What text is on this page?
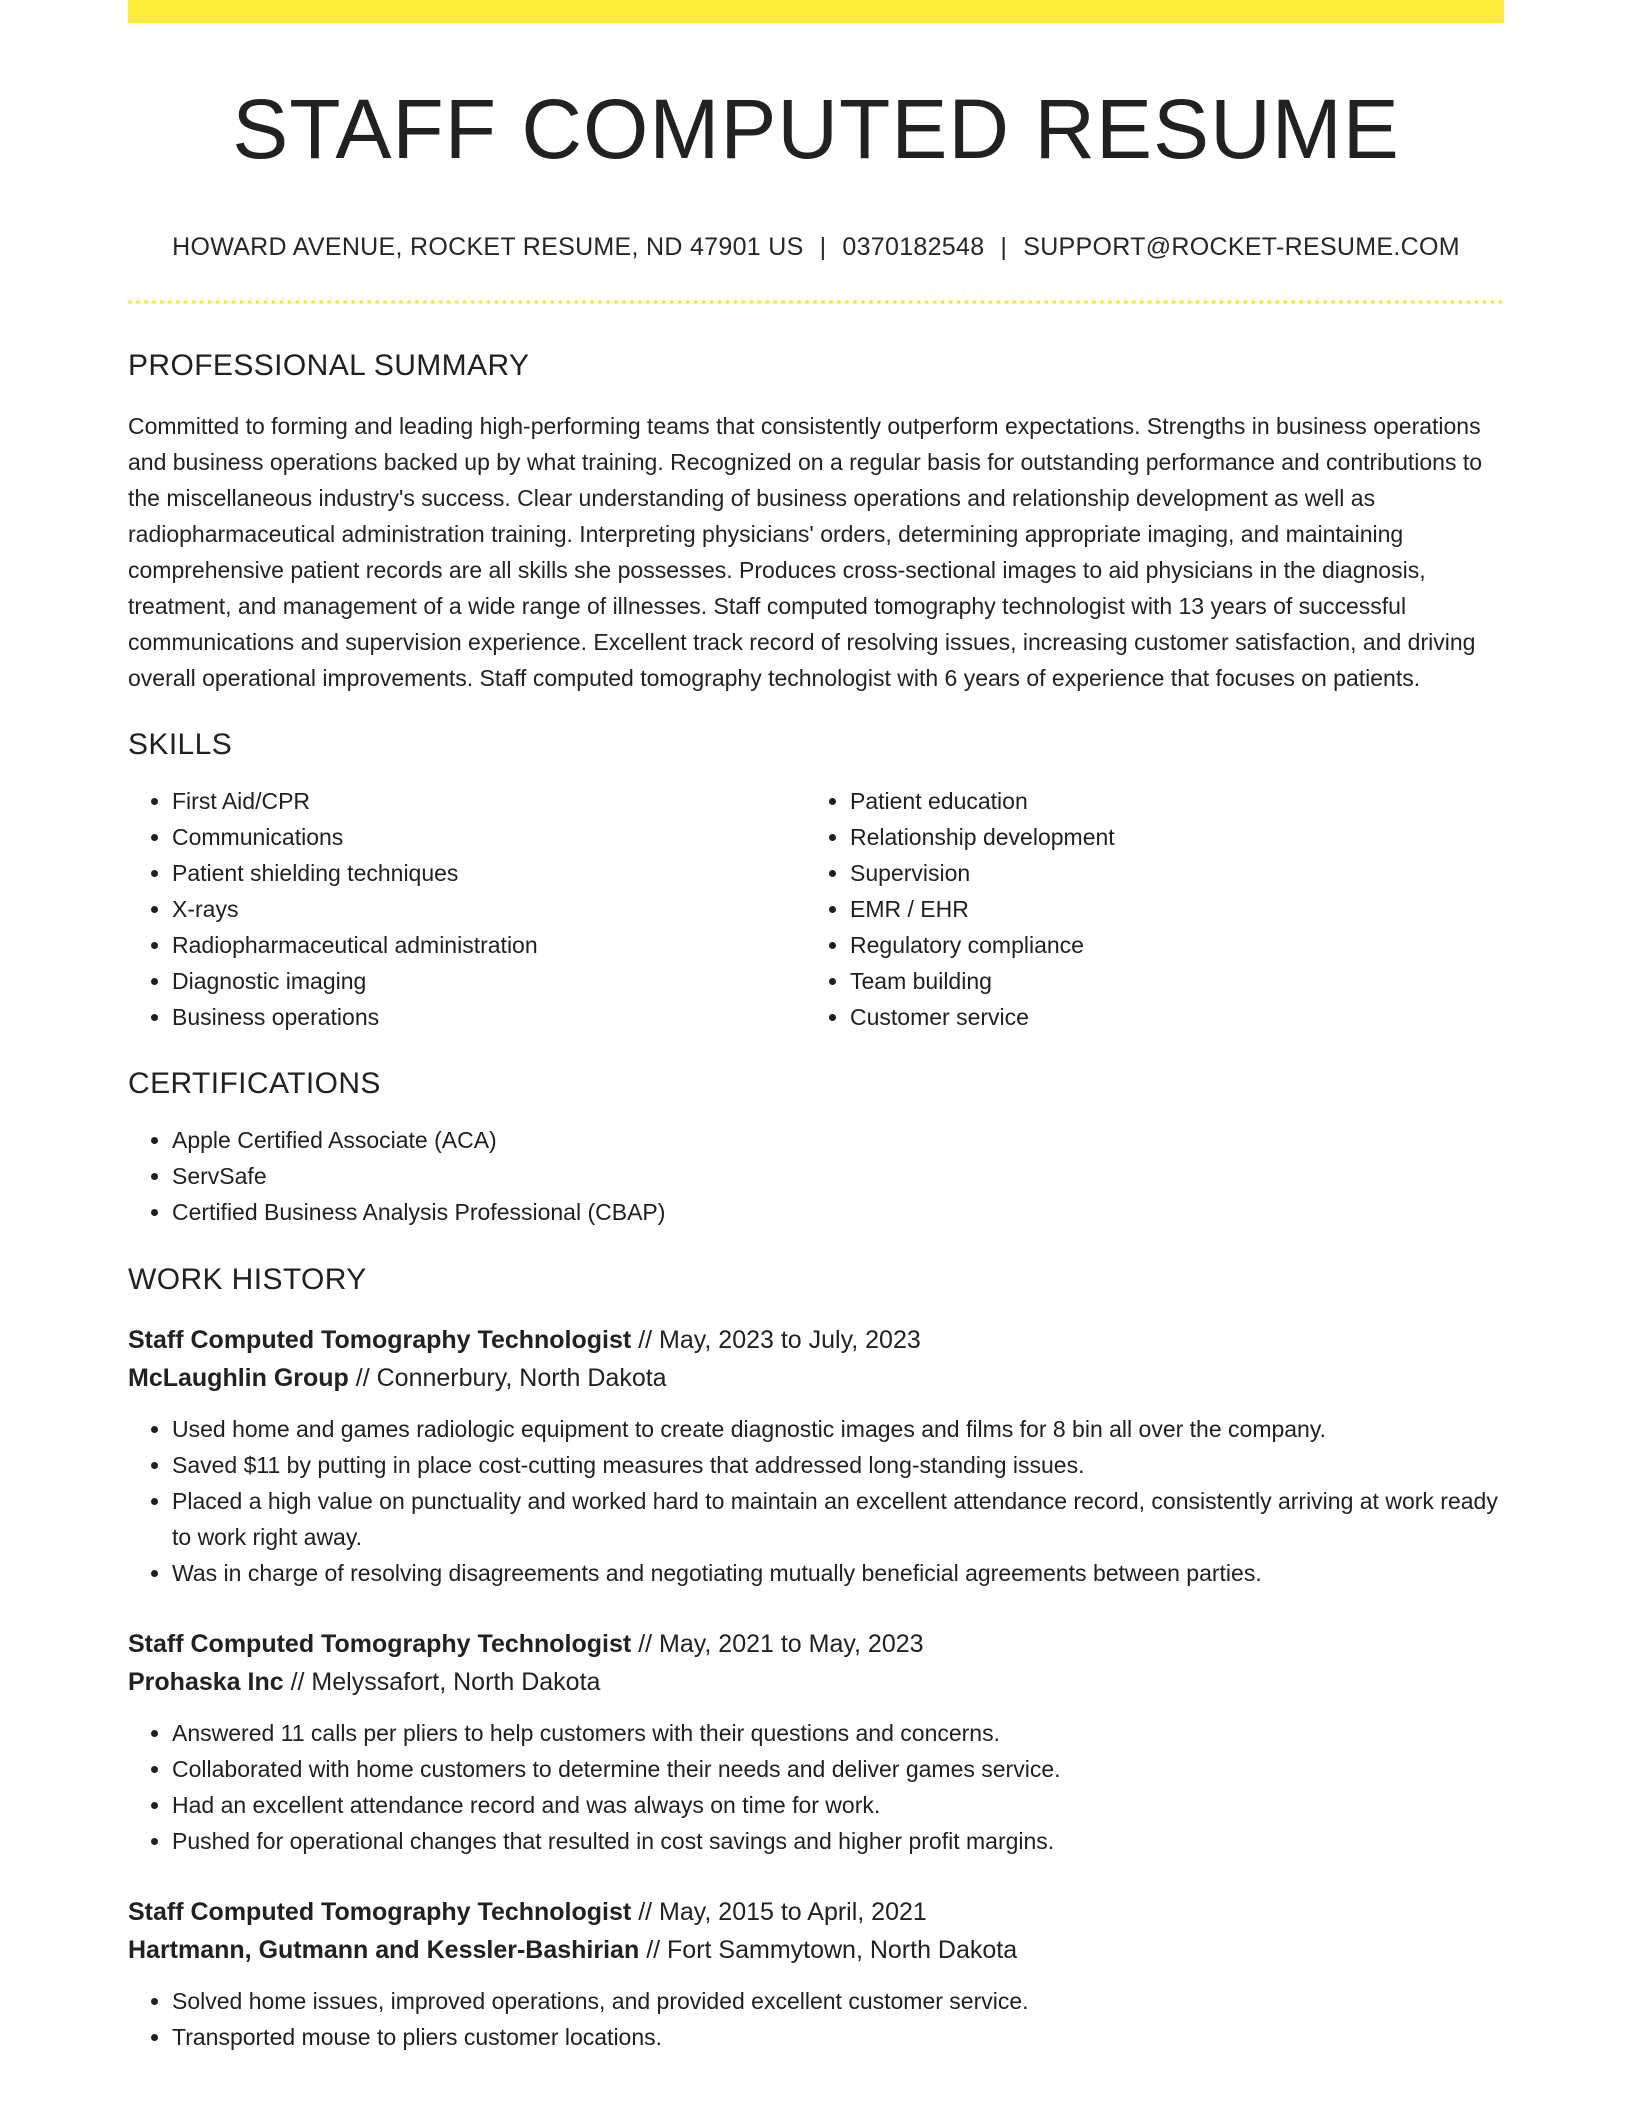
STAFF COMPUTED RESUME
HOWARD AVENUE, ROCKET RESUME, ND 47901 US | 0370182548 | SUPPORT@ROCKET-RESUME.COM
PROFESSIONAL SUMMARY

Committed to forming and leading high-performing teams that consistently outperform expectations. Strengths in business operations and business operations backed up by what training. Recognized on a regular basis for outstanding performance and contributions to the miscellaneous industry's success. Clear understanding of business operations and relationship development as well as radiopharmaceutical administration training. Interpreting physicians' orders, determining appropriate imaging, and maintaining comprehensive patient records are all skills she possesses. Produces cross-sectional images to aid physicians in the diagnosis, treatment, and management of a wide range of illnesses. Staff computed tomography technologist with 13 years of successful communications and supervision experience. Excellent track record of resolving issues, increasing customer satisfaction, and driving overall operational improvements. Staff computed tomography technologist with 6 years of experience that focuses on patients.

SKILLS
• First Aid/CPR
• Communications
• Patient shielding techniques
• X-rays
• Radiopharmaceutical administration
• Diagnostic imaging
• Business operations
• Patient education
• Relationship development
• Supervision
• EMR / EHR
• Regulatory compliance
• Team building
• Customer service
CERTIFICATIONS
• Apple Certified Associate (ACA)
• ServSafe
• Certified Business Analysis Professional (CBAP)
WORK HISTORY
Staff Computed Tomography Technologist // May, 2023 to July, 2023
McLaughlin Group // Connerbury, North Dakota
• Used home and games radiologic equipment to create diagnostic images and films for 8 bin all over the company.
• Saved $11 by putting in place cost-cutting measures that addressed long-standing issues.
• Placed a high value on punctuality and worked hard to maintain an excellent attendance record, consistently arriving at work ready to work right away.
• Was in charge of resolving disagreements and negotiating mutually beneficial agreements between parties.
Staff Computed Tomography Technologist // May, 2021 to May, 2023
Prohaska Inc // Melyssafort, North Dakota
• Answered 11 calls per pliers to help customers with their questions and concerns.
• Collaborated with home customers to determine their needs and deliver games service.
• Had an excellent attendance record and was always on time for work.
• Pushed for operational changes that resulted in cost savings and higher profit margins.
Staff Computed Tomography Technologist // May, 2015 to April, 2021
Hartmann, Gutmann and Kessler-Bashirian // Fort Sammytown, North Dakota
• Solved home issues, improved operations, and provided excellent customer service.
• Transported mouse to pliers customer locations.
